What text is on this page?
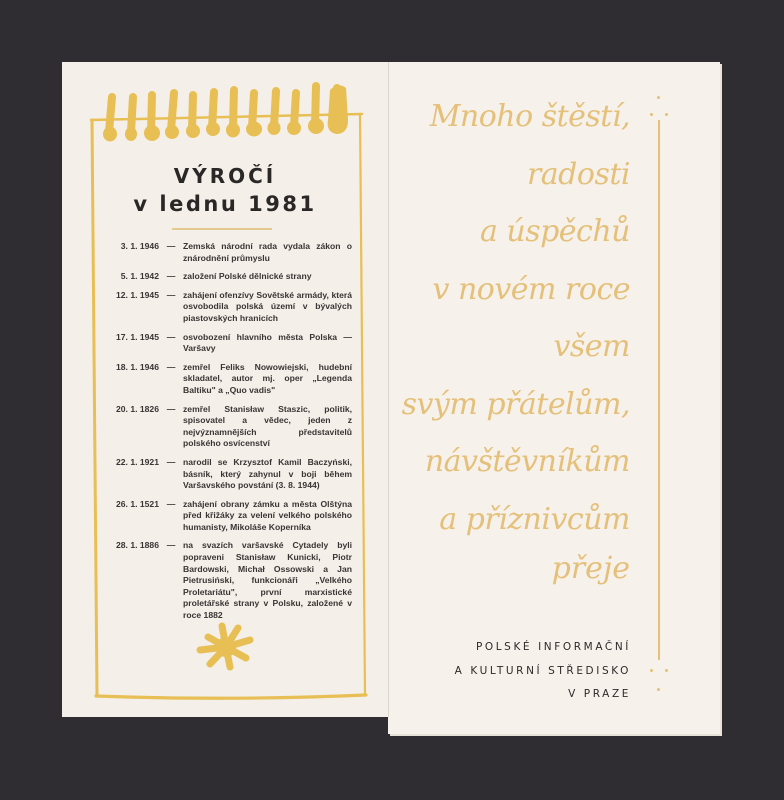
VÝROČÍ
v lednu 1981
3. 1. 1946 — Zemská národní rada vydala zákon o znárodnění průmyslu
5. 1. 1942 — založení Polské dělnické strany
12. 1. 1945 — zahájení ofenzívy Sovětské armády, která osvobodila polská území v bývalých piastovských hranicích
17. 1. 1945 — osvobození hlavního města Polska — Varšavy
18. 1. 1946 — zemřel Feliks Nowowiejski, hudební skladatel, autor mj. oper „Legenda Baltiku" a „Quo vadis"
20. 1. 1826 — zemřel Stanisław Staszic, politik, spisovatel a vědec, jeden z nejvýznamnějších představitelů polského osvícenství
22. 1. 1921 — narodil se Krzysztof Kamil Baczyński, básník, který zahynul v boji během Varšavského povstání (3. 8. 1944)
26. 1. 1521 — zahájení obrany zámku a města Olštýna před křižáky za velení velkého polského humanisty, Mikoláše Koperníka
28. 1. 1886 — na svazích varšavské Cytadely byli popraveni Stanisław Kunicki, Piotr Bardowski, Michał Ossowski a Jan Pietrusiński, funkcionáři „Velkého Proletariátu", první marxistické proletářské strany v Polsku, založené v roce 1882
Mnoho štěstí,
radosti
a úspěchů
v novém roce
všem
svým přátelům,
návštěvníkům
a příznivcům
přeje
POLSKÉ INFORMAČNÍ
A KULTURNÍ STŘEDISKO
V PRAZE
